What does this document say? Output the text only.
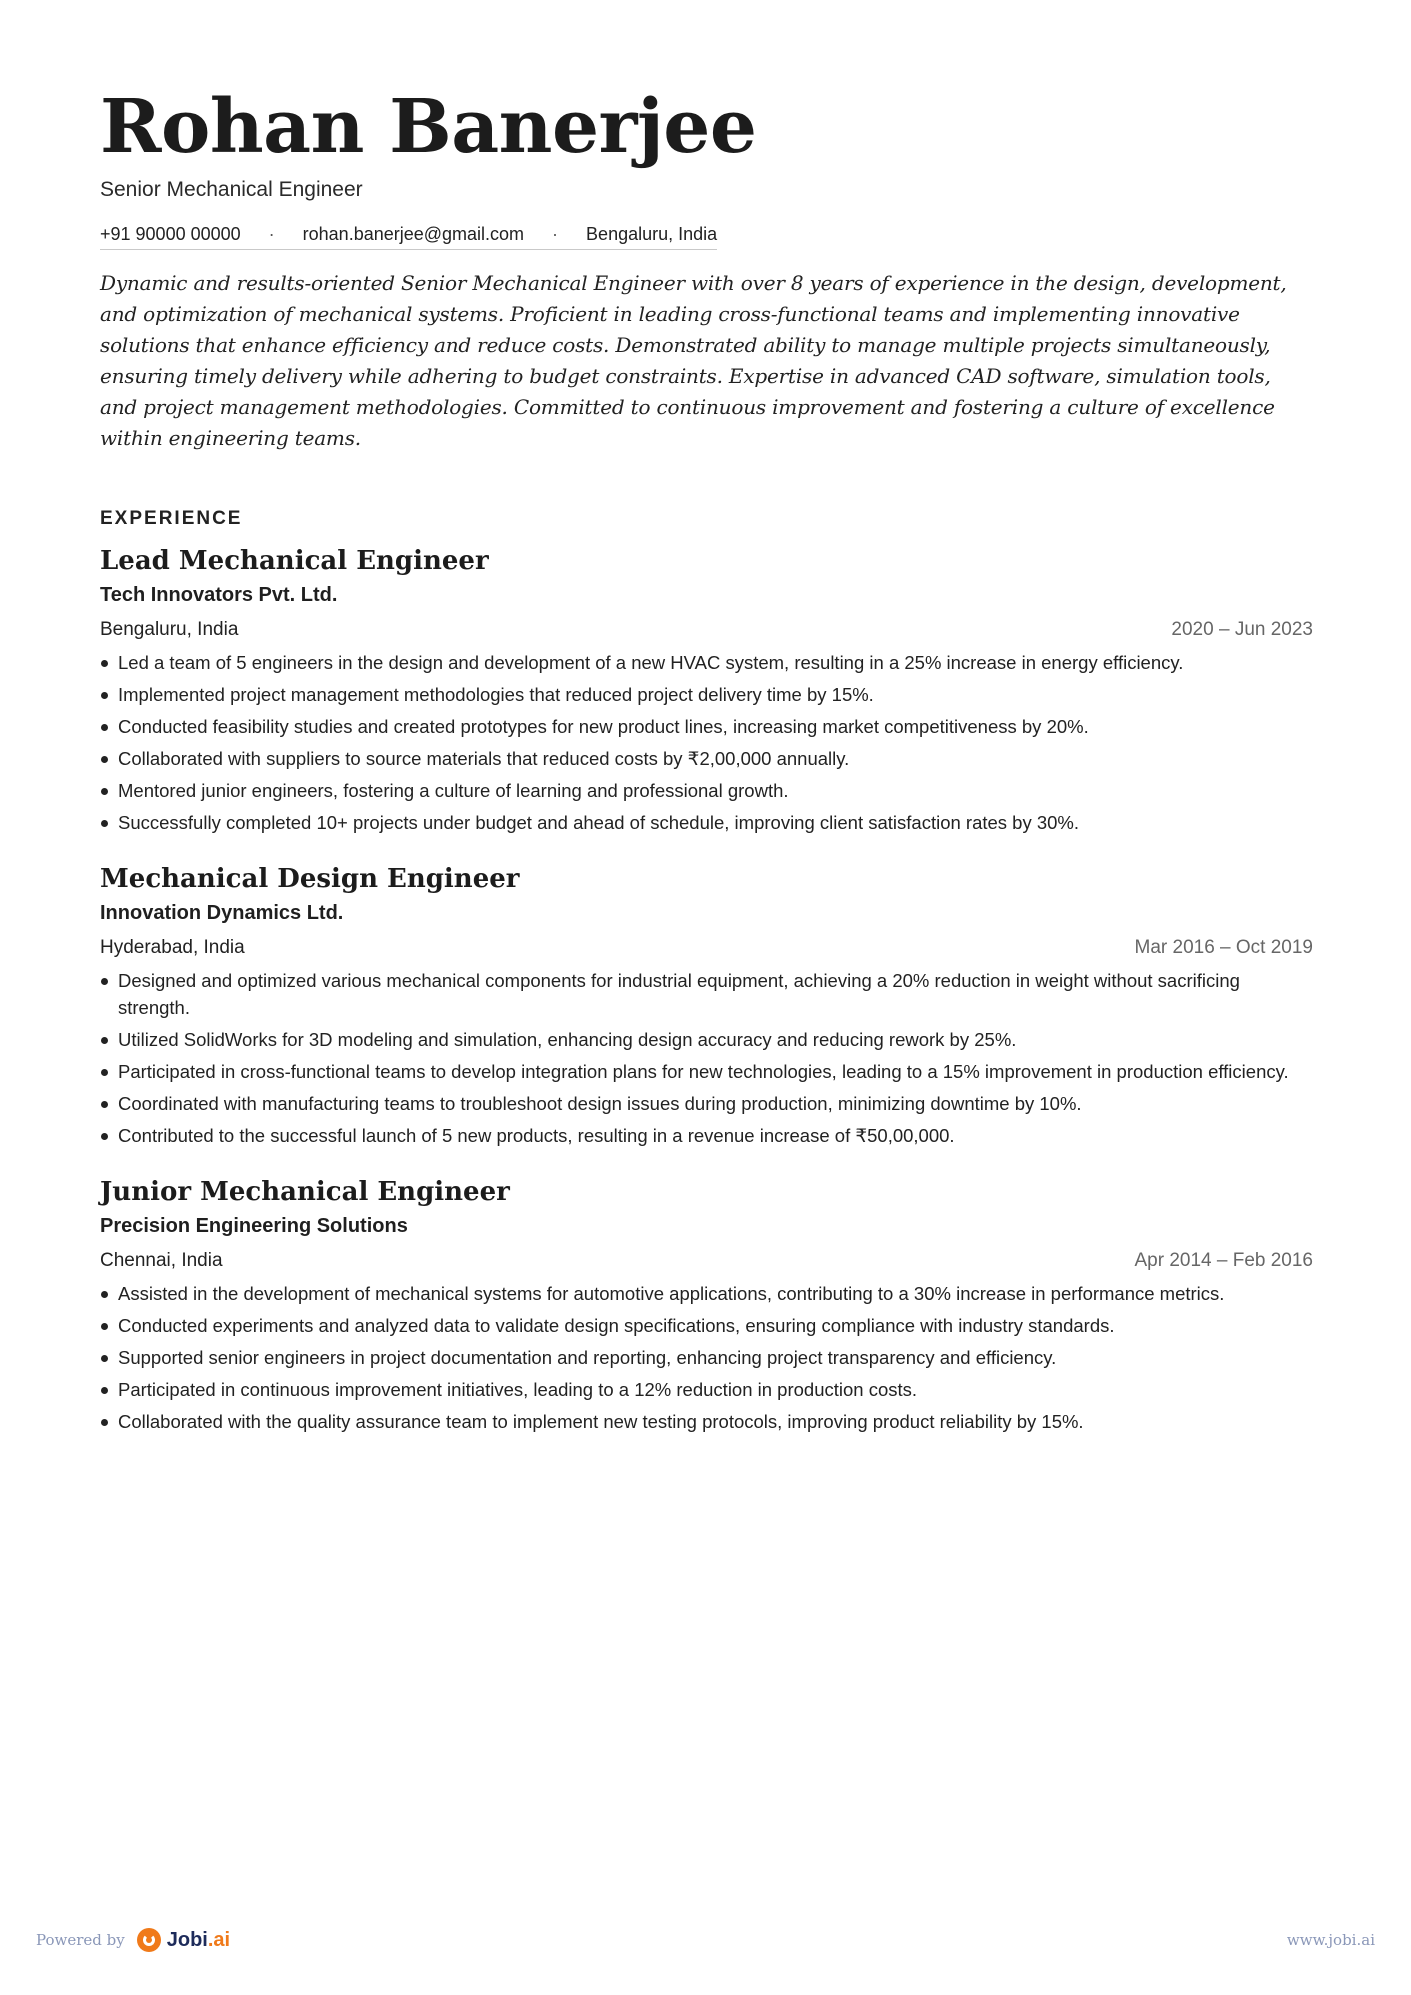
Rohan Banerjee
Senior Mechanical Engineer
+91 90000 00000 · rohan.banerjee@gmail.com · Bengaluru, India
Dynamic and results-oriented Senior Mechanical Engineer with over 8 years of experience in the design, development, and optimization of mechanical systems. Proficient in leading cross-functional teams and implementing innovative solutions that enhance efficiency and reduce costs. Demonstrated ability to manage multiple projects simultaneously, ensuring timely delivery while adhering to budget constraints. Expertise in advanced CAD software, simulation tools, and project management methodologies. Committed to continuous improvement and fostering a culture of excellence within engineering teams.
EXPERIENCE
Lead Mechanical Engineer
Tech Innovators Pvt. Ltd.
Bengaluru, India	2020 – Jun 2023
Led a team of 5 engineers in the design and development of a new HVAC system, resulting in a 25% increase in energy efficiency.
Implemented project management methodologies that reduced project delivery time by 15%.
Conducted feasibility studies and created prototypes for new product lines, increasing market competitiveness by 20%.
Collaborated with suppliers to source materials that reduced costs by ₹2,00,000 annually.
Mentored junior engineers, fostering a culture of learning and professional growth.
Successfully completed 10+ projects under budget and ahead of schedule, improving client satisfaction rates by 30%.
Mechanical Design Engineer
Innovation Dynamics Ltd.
Hyderabad, India	Mar 2016 – Oct 2019
Designed and optimized various mechanical components for industrial equipment, achieving a 20% reduction in weight without sacrificing strength.
Utilized SolidWorks for 3D modeling and simulation, enhancing design accuracy and reducing rework by 25%.
Participated in cross-functional teams to develop integration plans for new technologies, leading to a 15% improvement in production efficiency.
Coordinated with manufacturing teams to troubleshoot design issues during production, minimizing downtime by 10%.
Contributed to the successful launch of 5 new products, resulting in a revenue increase of ₹50,00,000.
Junior Mechanical Engineer
Precision Engineering Solutions
Chennai, India	Apr 2014 – Feb 2016
Assisted in the development of mechanical systems for automotive applications, contributing to a 30% increase in performance metrics.
Conducted experiments and analyzed data to validate design specifications, ensuring compliance with industry standards.
Supported senior engineers in project documentation and reporting, enhancing project transparency and efficiency.
Participated in continuous improvement initiatives, leading to a 12% reduction in production costs.
Collaborated with the quality assurance team to implement new testing protocols, improving product reliability by 15%.
Powered by Jobi .ai	www.jobi.ai
